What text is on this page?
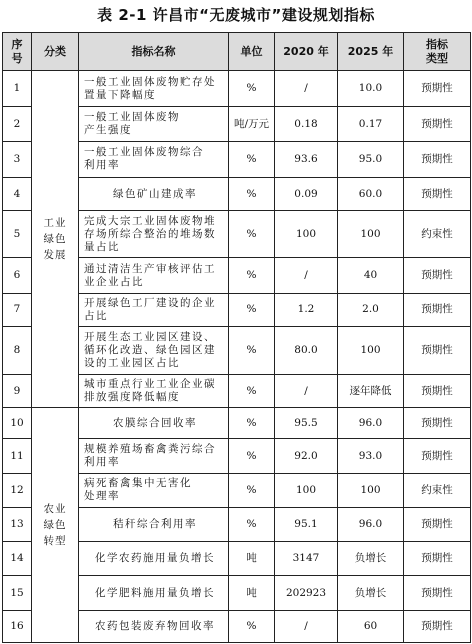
表 2-1 许昌市“无废城市”建设规划指标
序
号	分类	指标名称	单位	2020 年	2025 年	指标
类型

1	工业
绿色
发展	一般工业固体废物贮存处
置量下降幅度	%	/	10.0	预期性
2		一般工业固体废物
产生强度	吨/万元	0.18	0.17	预期性
3		一般工业固体废物综合
利用率	%	93.6	95.0	预期性
4		绿色矿山建成率	%	0.09	60.0	预期性
5		完成大宗工业固体废物堆
存场所综合整治的堆场数
量占比	%	100	100	约束性
6		通过清洁生产审核评估工
业企业占比	%	/	40	预期性
7		开展绿色工厂建设的企业
占比	%	1.2	2.0	预期性
8		开展生态工业园区建设、
循环化改造、绿色园区建
设的工业园区占比	%	80.0	100	预期性
9		城市重点行业工业企业碳
排放强度降低幅度	%	/	逐年降低	预期性
10	农业
绿色
转型	农膜综合回收率	%	95.5	96.0	预期性
11		规模养殖场畜禽粪污综合
利用率	%	92.0	93.0	预期性
12		病死畜禽集中无害化
处理率	%	100	100	约束性
13		秸秆综合利用率	%	95.1	96.0	预期性
14		化学农药施用量负增长	吨	3147	负增长	预期性
15		化学肥料施用量负增长	吨	202923	负增长	预期性
16		农药包装废弃物回收率	%	/	60	预期性
